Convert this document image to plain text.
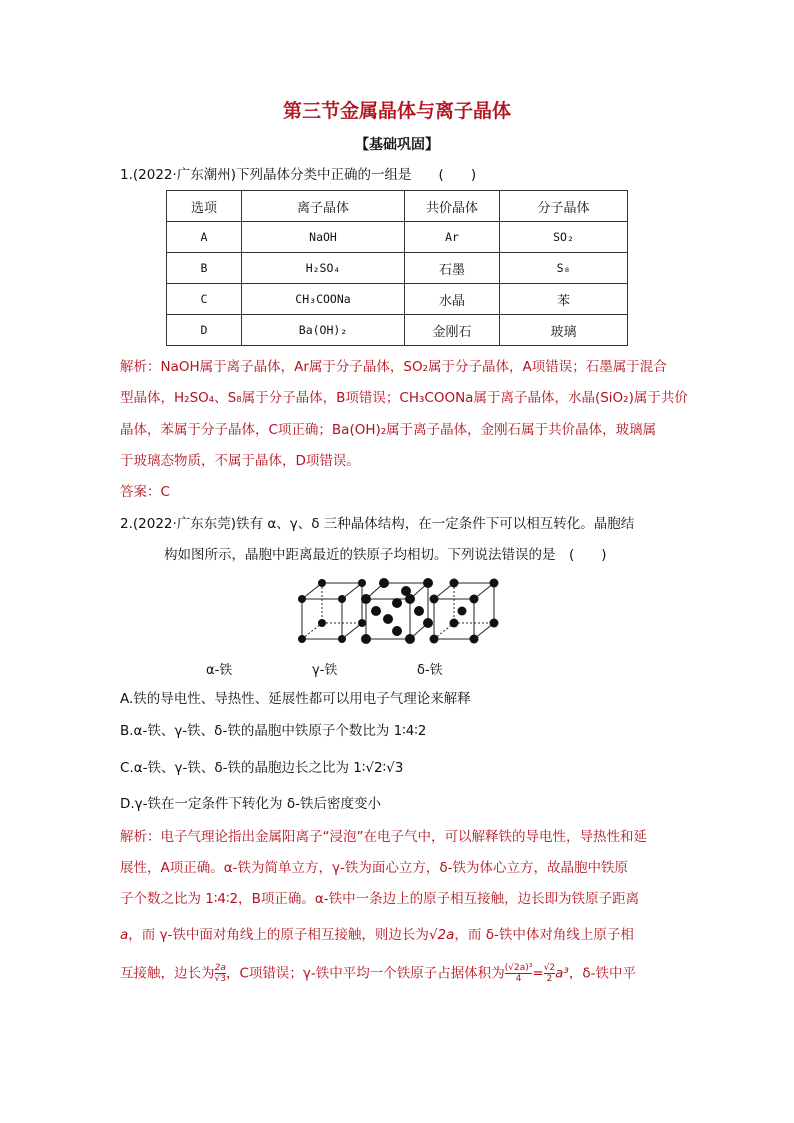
第三节金属晶体与离子晶体
【基础巩固】
1.(2022·广东潮州)下列晶体分类中正确的一组是　　(　　)
选项	离子晶体	共价晶体	分子晶体
A	NaOH	Ar	SO₂
B	H₂SO₄	石墨	S₈
C	CH₃COONa	水晶	苯
D	Ba(OH)₂	金刚石	玻璃
解析：NaOH属于离子晶体，Ar属于分子晶体，SO₂属于分子晶体，A项错误；石墨属于混合
型晶体，H₂SO₄、S₈属于分子晶体，B项错误；CH₃COONa属于离子晶体，水晶(SiO₂)属于共价
晶体，苯属于分子晶体，C项正确；Ba(OH)₂属于离子晶体，金刚石属于共价晶体，玻璃属
于玻璃态物质，不属于晶体，D项错误。
答案：C
2.(2022·广东东莞)铁有 α、γ、δ 三种晶体结构，在一定条件下可以相互转化。晶胞结
构如图所示，晶胞中距离最近的铁原子均相切。下列说法错误的是　(　　)
α-铁	γ-铁	δ-铁
A.铁的导电性、导热性、延展性都可以用电子气理论来解释
B.α-铁、γ-铁、δ-铁的晶胞中铁原子个数比为 1∶4∶2
C.α-铁、γ-铁、δ-铁的晶胞边长之比为 1∶√2∶√3
D.γ-铁在一定条件下转化为 δ-铁后密度变小
解析：电子气理论指出金属阳离子“浸泡”在电子气中，可以解释铁的导电性，导热性和延
展性，A项正确。α-铁为简单立方，γ-铁为面心立方，δ-铁为体心立方，故晶胞中铁原
子个数之比为 1∶4∶2，B项正确。α-铁中一条边上的原子相互接触，边长即为铁原子距离
a，而 γ-铁中面对角线上的原子相互接触，则边长为√2a，而 δ-铁中体对角线上原子相
互接触，边长为 $\frac{2a}{√3}$ ，C项错误；γ-铁中平均一个铁原子占据体积为 $\frac{\text{(√2a)³}}{4} = \frac{√2}{2} a^3$，δ-铁中平
